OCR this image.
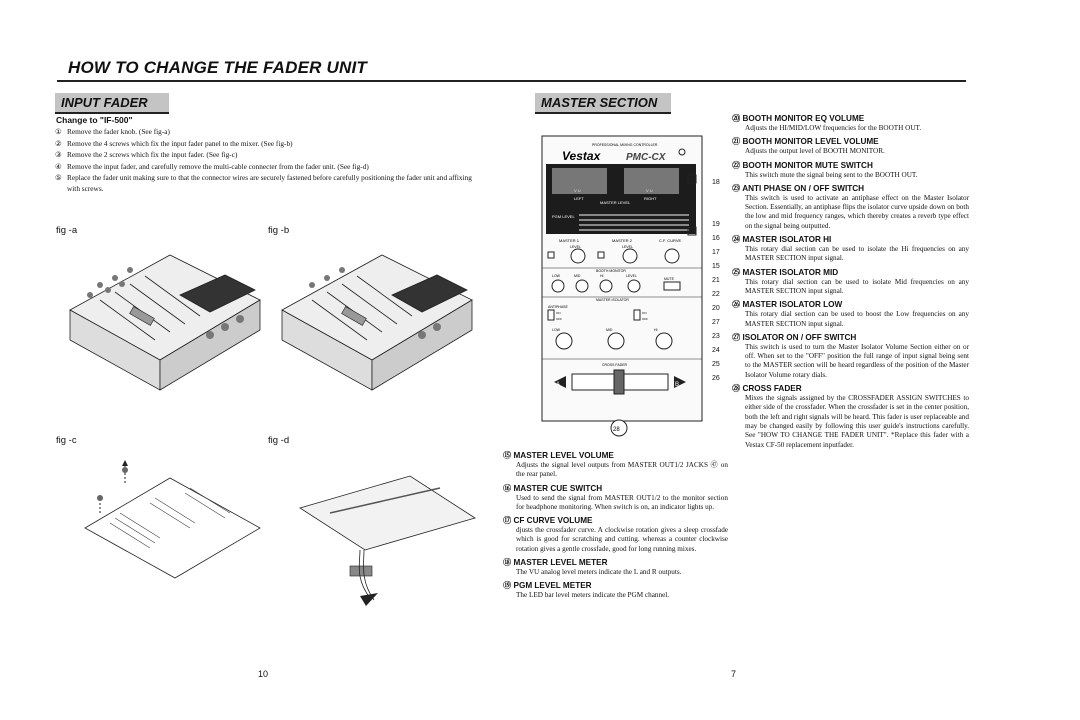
HOW TO CHANGE THE FADER UNIT
INPUT FADER
Change to "IF-500"
① Remove the fader knob. (See fig-a)
② Remove the 4 screws which fix the input fader panel to the mixer. (See fig-b)
③ Remove the 2 screws which fix the input fader. (See fig-c)
④ Remove the input fader, and carefully remove the multi-cable connecter from the fader unit. (See fig-d)
⑤ Replace the fader unit making sure to that the connector wires are securely fastened before carefully positioning the fader unit and affixing with screws.
fig -a	fig -b
fig -c	fig -d
10
MASTER SECTION
PROFESSIONAL MIXING CONTROLLER
Vestax	PMC-CX
V U	V U
LEFT	RIGHT
MASTER LEVEL
PGM LEVEL
MASTER 1	MASTER 2	C.F. CURVE
LEVEL	LEVEL
BOOTH MONITOR
LOW	MID	HI	LEVEL
MUTE
MASTER ISOLATOR
ANTIPHASE
ON
OFF
ON
OFF
LOW	MID	HI
CROSS FADER
A	B
28
18
19
16
17
15
21
22
20
27
23
24
25
26
⑮ MASTER LEVEL VOLUME
Adjusts the signal level outputs from MASTER OUT1/2 JACKS ㊼ on the rear panel.
⑯ MASTER CUE SWITCH
Used to send the signal from MASTER OUT1/2 to the monitor section for headphone monitoring. When switch is on, an indicator lights up.
⑰ CF CURVE VOLUME
djusts the crossfader curve. A clockwise rotation gives a sleep crossfade which is good for scratching and cutting. whereas a counter clockwise rotation gives a gentle crossfade, good for long running mixes.
⑱ MASTER LEVEL METER
The VU analog level meters indicate the L and R outputs.
⑲ PGM LEVEL METER
The LED bar level meters indicate the PGM channel.
⑳ BOOTH MONITOR EQ VOLUME
Adjusts the HI/MID/LOW frequencies for the BOOTH OUT.
㉑ BOOTH MONITOR LEVEL VOLUME
Adjusts the output level of BOOTH MONITOR.
㉒ BOOTH MONITOR MUTE SWITCH
This switch mute the signal being sent to the BOOTH OUT.
㉓ ANTI PHASE ON / OFF SWITCH
This switch is used to activate an antiphase effect on the Master Isolator Section. Essentially, an antiphase flips the isolator curve upside down on both the low and mid frequency ranges, which thereby creates a reverb type effect on the signal being outputted.
㉔ MASTER ISOLATOR HI
This rotary dial section can be used to isolate the Hi frequencies on any MASTER SECTION input signal.
㉕ MASTER ISOLATOR MID
This rotary dial section can be used to isolate Mid frequencies on any MASTER SECTION input signal.
㉖ MASTER ISOLATOR LOW
This rotary dial section can be used to boost the Low frequencies on any MASTER SECTION input signal.
㉗ ISOLATOR ON / OFF SWITCH
This switch is used to turn the Master Isolator Volume Section either on or off. When set to the "OFF" position the full range of input signal being sent to the MASTER section will be heard regardless of the position of the Master Isolator Volume rotary dials.
㉘ CROSS FADER
Mixes the signals assigned by the CROSSFADER ASSIGN SWITCHES to either side of the crossfader. When the crossfader is set in the center position, both the left and right signals will be heard. This fader is user replaceable and may be changed easily by following this user guide's instructions carefully. See "HOW TO CHANGE THE FADER UNIT". *Replace this fader with a Vestax CF-50 replacement inputfader.
7
